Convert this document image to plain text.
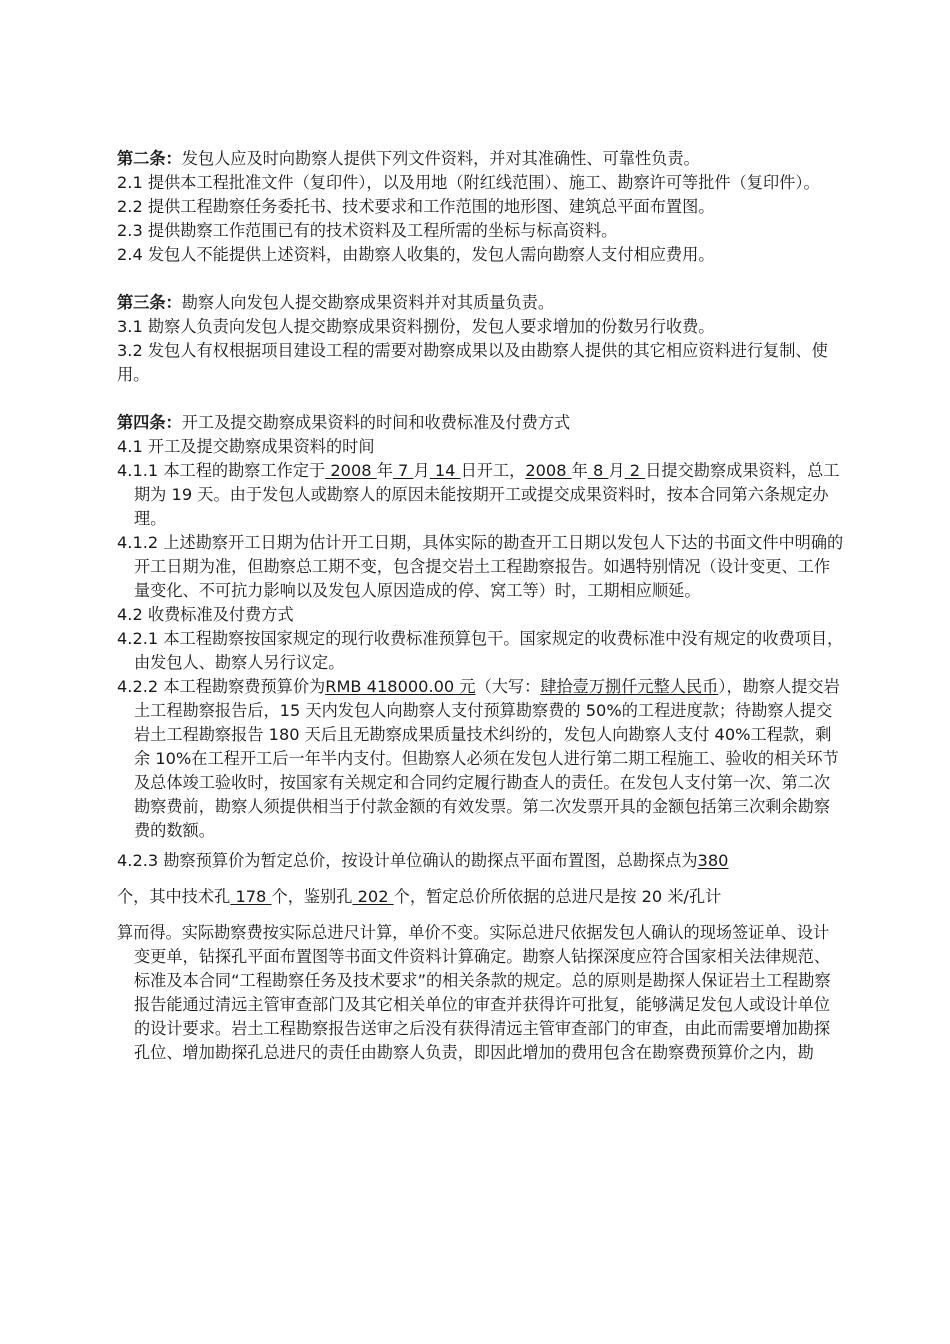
第二条：发包人应及时向勘察人提供下列文件资料，并对其准确性、可靠性负责。

2.1 提供本工程批准文件（复印件），以及用地（附红线范围）、施工、勘察许可等批件（复印件）。

2.2 提供工程勘察任务委托书、技术要求和工作范围的地形图、建筑总平面布置图。

2.3 提供勘察工作范围已有的技术资料及工程所需的坐标与标高资料。

2.4 发包人不能提供上述资料，由勘察人收集的，发包人需向勘察人支付相应费用。

第三条：勘察人向发包人提交勘察成果资料并对其质量负责。

3.1 勘察人负责向发包人提交勘察成果资料捌份，发包人要求增加的份数另行收费。

3.2 发包人有权根据项目建设工程的需要对勘察成果以及由勘察人提供的其它相应资料进行复制、使用。

第四条：开工及提交勘察成果资料的时间和收费标准及付费方式

4.1 开工及提交勘察成果资料的时间

4.1.1 本工程的勘察工作定于 2008 年 7 月 14 日开工，2008 年 8 月 2 日提交勘察成果资料，总工期为 19 天。由于发包人或勘察人的原因未能按期开工或提交成果资料时，按本合同第六条规定办理。

4.1.2 上述勘察开工日期为估计开工日期，具体实际的勘查开工日期以发包人下达的书面文件中明确的开工日期为准，但勘察总工期不变，包含提交岩土工程勘察报告。如遇特别情况（设计变更、工作量变化、不可抗力影响以及发包人原因造成的停、窝工等）时，工期相应顺延。

4.2 收费标准及付费方式

4.2.1 本工程勘察按国家规定的现行收费标准预算包干。国家规定的收费标准中没有规定的收费项目，由发包人、勘察人另行议定。

4.2.2 本工程勘察费预算价为RMB 418000.00 元（大写：肆拾壹万捌仟元整人民币），勘察人提交岩土工程勘察报告后，15 天内发包人向勘察人支付预算勘察费的 50%的工程进度款；待勘察人提交岩土工程勘察报告 180 天后且无勘察成果质量技术纠纷的，发包人向勘察人支付 40%工程款，剩余 10%在工程开工后一年半内支付。但勘察人必须在发包人进行第二期工程施工、验收的相关环节及总体竣工验收时，按国家有关规定和合同约定履行勘查人的责任。在发包人支付第一次、第二次勘察费前，勘察人须提供相当于付款金额的有效发票。第二次发票开具的金额包括第三次剩余勘察费的数额。

4.2.3 勘察预算价为暂定总价，按设计单位确认的勘探点平面布置图，总勘探点为380
个，其中技术孔 178 个，鉴别孔 202 个，暂定总价所依据的总进尺是按 20 米/孔计
算而得。实际勘察费按实际总进尺计算，单价不变。实际总进尺依据发包人确认的现场签证单、设计变更单，钻探孔平面布置图等书面文件资料计算确定。勘察人钻探深度应符合国家相关法律规范、标准及本合同“工程勘察任务及技术要求”的相关条款的规定。总的原则是勘探人保证岩土工程勘察报告能通过清远主管审查部门及其它相关单位的审查并获得许可批复，能够满足发包人或设计单位的设计要求。岩土工程勘察报告送审之后没有获得清远主管审查部门的审查，由此而需要增加勘探孔位、增加勘探孔总进尺的责任由勘察人负责，即因此增加的费用包含在勘察费预算价之内，勘
